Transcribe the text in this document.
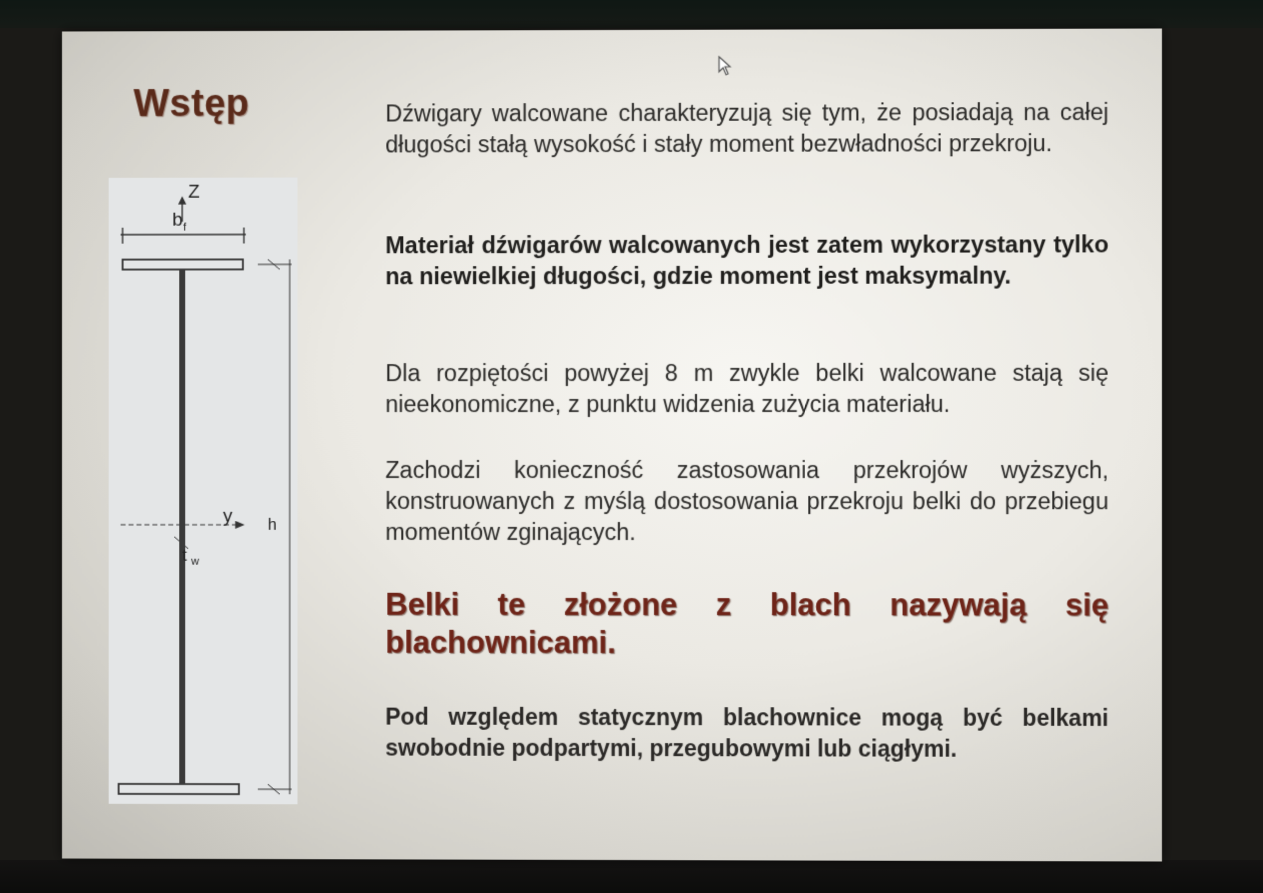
Wstęp
Z
b f
y
t w
h

Dźwigary walcowane charakteryzują się tym, że posiadają na całej długości stałą wysokość i stały moment bezwładności przekroju.

Materiał dźwigarów walcowanych jest zatem wykorzystany tylko na niewielkiej długości, gdzie moment jest maksymalny.

Dla rozpiętości powyżej 8 m zwykle belki walcowane stają się nieekonomiczne, z punktu widzenia zużycia materiału.

Zachodzi konieczność zastosowania przekrojów wyższych, konstruowanych z myślą dostosowania przekroju belki do przebiegu momentów zginających.

Belki te złożone z blach nazywają się blachownicami.

Pod względem statycznym blachownice mogą być belkami swobodnie podpartymi, przegubowymi lub ciągłymi.
